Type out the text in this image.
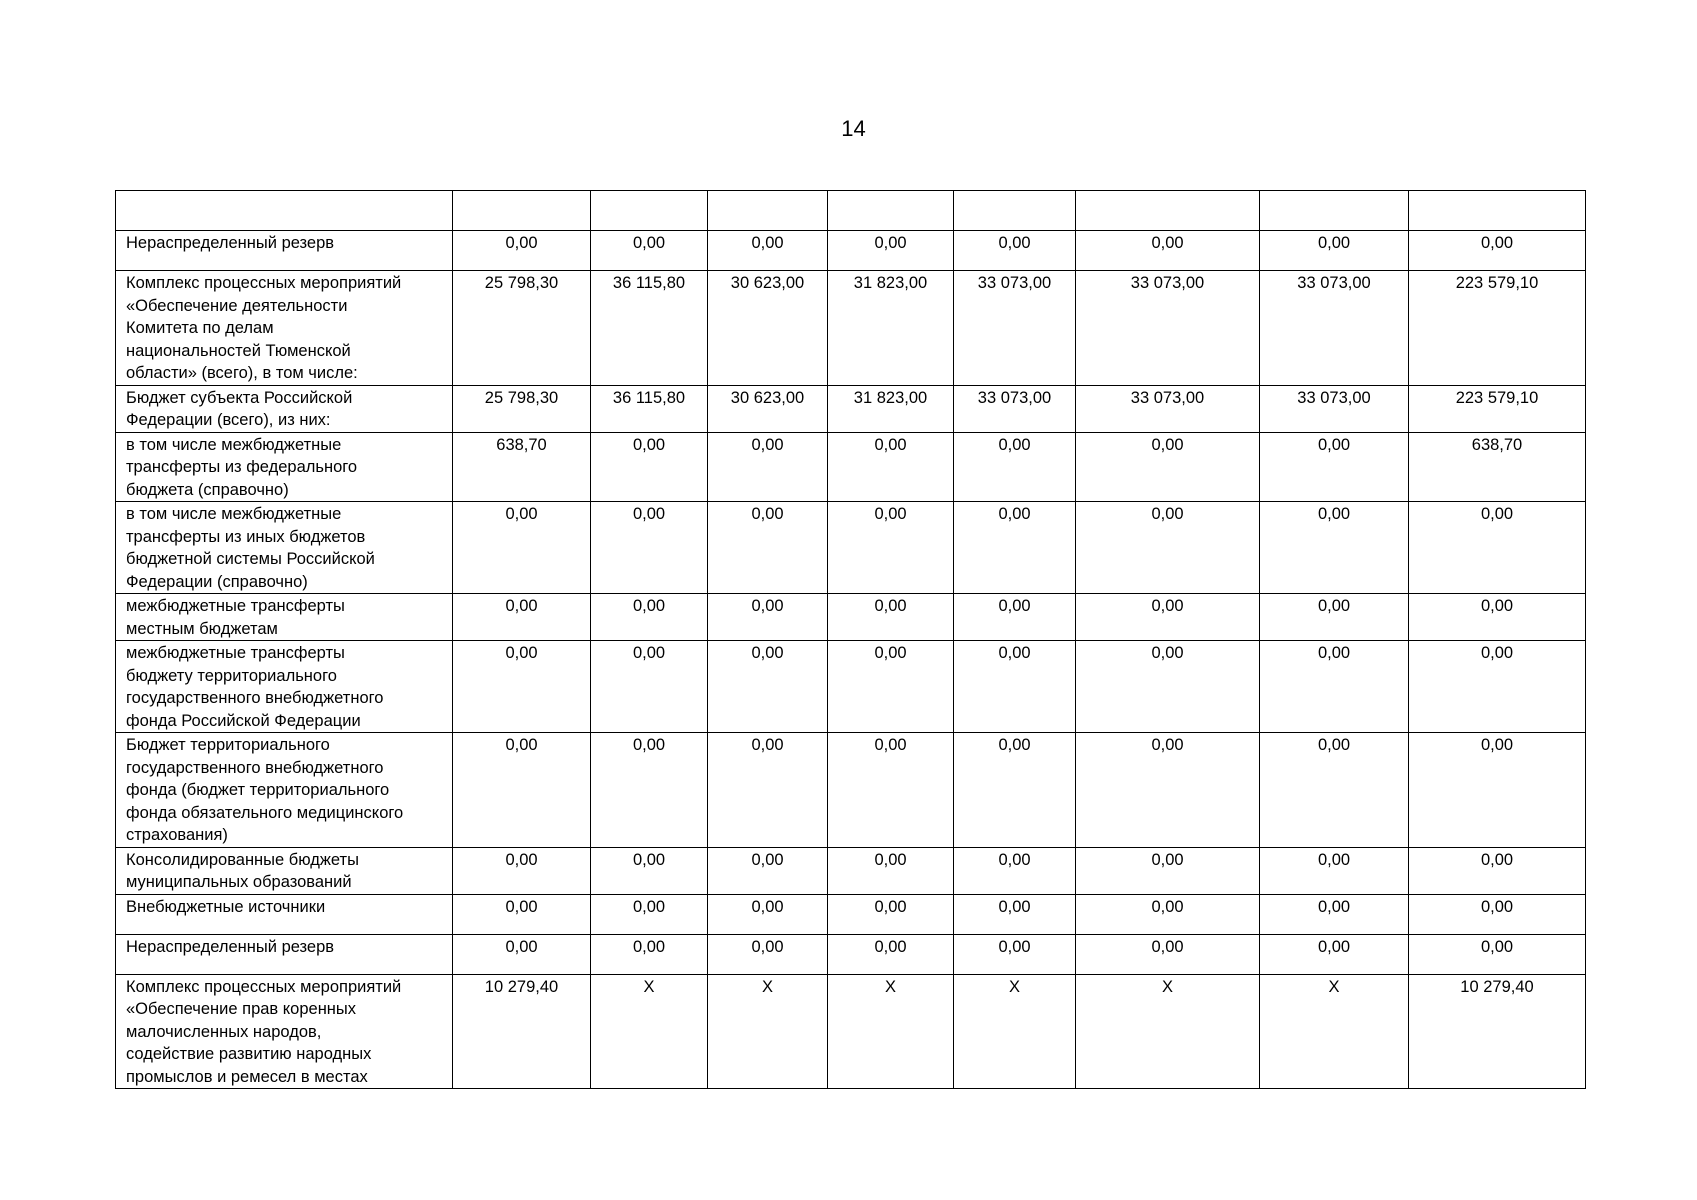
14

Нераспределенный резерв	0,00	0,00	0,00	0,00	0,00	0,00	0,00	0,00
Комплекс процессных мероприятий
«Обеспечение деятельности
Комитета по делам
национальностей Тюменской
области» (всего), в том числе:	25 798,30	36 115,80	30 623,00	31 823,00	33 073,00	33 073,00	33 073,00	223 579,10
Бюджет субъекта Российской
Федерации (всего), из них:	25 798,30	36 115,80	30 623,00	31 823,00	33 073,00	33 073,00	33 073,00	223 579,10
в том числе межбюджетные
трансферты из федерального
бюджета (справочно)	638,70	0,00	0,00	0,00	0,00	0,00	0,00	638,70
в том числе межбюджетные
трансферты из иных бюджетов
бюджетной системы Российской
Федерации (справочно)	0,00	0,00	0,00	0,00	0,00	0,00	0,00	0,00
межбюджетные трансферты
местным бюджетам	0,00	0,00	0,00	0,00	0,00	0,00	0,00	0,00
межбюджетные трансферты
бюджету территориального
государственного внебюджетного
фонда Российской Федерации	0,00	0,00	0,00	0,00	0,00	0,00	0,00	0,00
Бюджет территориального
государственного внебюджетного
фонда (бюджет территориального
фонда обязательного медицинского
страхования)	0,00	0,00	0,00	0,00	0,00	0,00	0,00	0,00
Консолидированные бюджеты
муниципальных образований	0,00	0,00	0,00	0,00	0,00	0,00	0,00	0,00
Внебюджетные источники	0,00	0,00	0,00	0,00	0,00	0,00	0,00	0,00
Нераспределенный резерв	0,00	0,00	0,00	0,00	0,00	0,00	0,00	0,00
Комплекс процессных мероприятий
«Обеспечение прав коренных
малочисленных народов,
содействие развитию народных
промыслов и ремесел в местах	10 279,40	Х	Х	Х	Х	Х	Х	10 279,40
